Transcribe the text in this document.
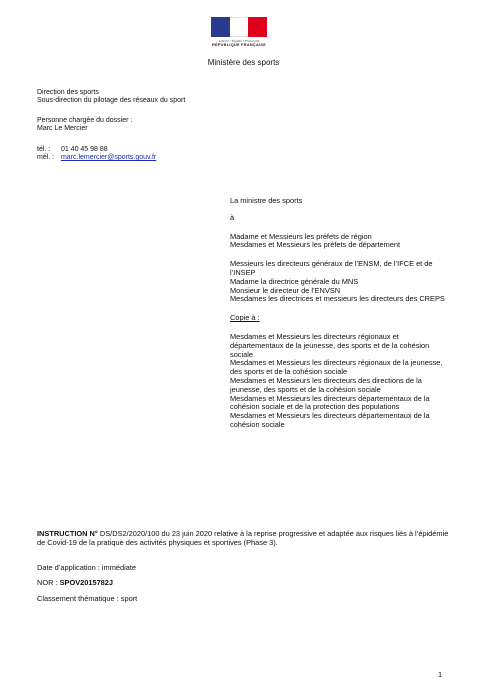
Liberté • Égalité • Fraternité
RÉPUBLIQUE FRANÇAISE
Ministère des sports
Direction des sports
Sous-direction du pilotage des réseaux du sport
Personne chargée du dossier :
Marc Le Mercier
tél. : 01 40 45 98 88
mél. : marc.lemercier@sports.gouv.fr
La ministre des sports
à
Madame et Messieurs les préfets de région
Mesdames et Messieurs les préfets de département
Messieurs les directeurs généraux de l’ENSM, de l’IFCE et de l’INSEP
Madame la directrice générale du MNS
Monsieur le directeur de l’ENVSN
Mesdames les directrices et messieurs les directeurs des CREPS
Copie à :
Mesdames et Messieurs les directeurs régionaux et départementaux de la jeunesse, des sports et de la cohésion sociale
Mesdames et Messieurs les directeurs régionaux de la jeunesse, des sports et de la cohésion sociale
Mesdames et Messieurs les directeurs des directions de la jeunesse, des sports et de la cohésion sociale
Mesdames et Messieurs les directeurs départementaux de la cohésion sociale et de la protection des populations
Mesdames et Messieurs les directeurs départementaux de la cohésion sociale
INSTRUCTION N° DS/DS2/2020/100 du 23 juin 2020 relative à la reprise progressive et adaptée aux risques liés à l’épidémie de Covid-19 de la pratique des activités physiques et sportives (Phase 3).
Date d’application : immédiate
NOR : SPOV2015782J
Classement thématique : sport
1
